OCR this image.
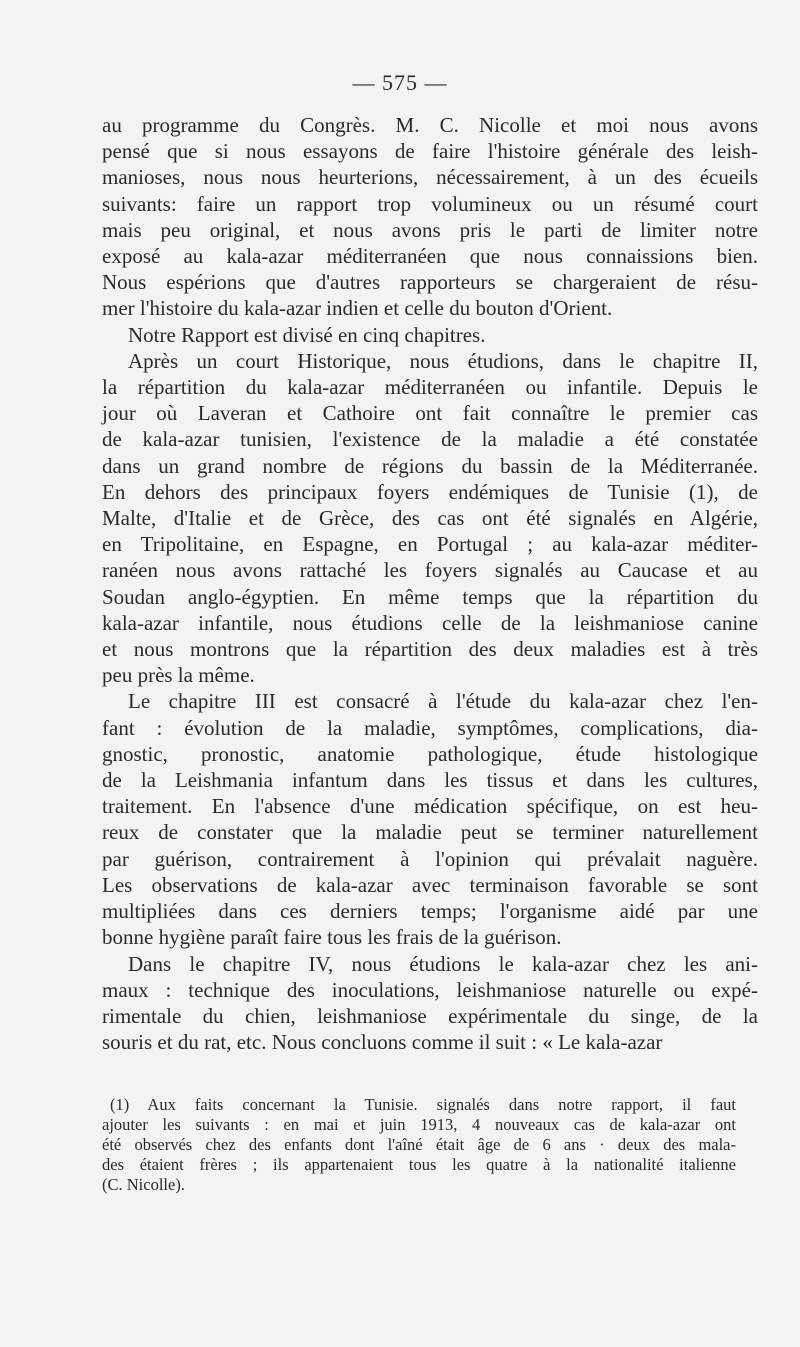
— 575 —
au programme du Congrès. M. C. Nicolle et moi nous avons
pensé que si nous essayons de faire l'histoire générale des leish-
manioses, nous nous heurterions, nécessairement, à un des écueils
suivants: faire un rapport trop volumineux ou un résumé court
mais peu original, et nous avons pris le parti de limiter notre
exposé au kala-azar méditerranéen que nous connaissions bien.
Nous espérions que d'autres rapporteurs se chargeraient de résu-
mer l'histoire du kala-azar indien et celle du bouton d'Orient.
Notre Rapport est divisé en cinq chapitres.
Après un court Historique, nous étudions, dans le chapitre II,
la répartition du kala-azar méditerranéen ou infantile. Depuis le
jour où Laveran et Cathoire ont fait connaître le premier cas
de kala-azar tunisien, l'existence de la maladie a été constatée
dans un grand nombre de régions du bassin de la Méditerranée.
En dehors des principaux foyers endémiques de Tunisie (1), de
Malte, d'Italie et de Grèce, des cas ont été signalés en Algérie,
en Tripolitaine, en Espagne, en Portugal ; au kala-azar méditer-
ranéen nous avons rattaché les foyers signalés au Caucase et au
Soudan anglo-égyptien. En même temps que la répartition du
kala-azar infantile, nous étudions celle de la leishmaniose canine
et nous montrons que la répartition des deux maladies est à très
peu près la même.
Le chapitre III est consacré à l'étude du kala-azar chez l'en-
fant : évolution de la maladie, symptômes, complications, dia-
gnostic, pronostic, anatomie pathologique, étude histologique
de la Leishmania infantum dans les tissus et dans les cultures,
traitement. En l'absence d'une médication spécifique, on est heu-
reux de constater que la maladie peut se terminer naturellement
par guérison, contrairement à l'opinion qui prévalait naguère.
Les observations de kala-azar avec terminaison favorable se sont
multipliées dans ces derniers temps; l'organisme aidé par une
bonne hygiène paraît faire tous les frais de la guérison.
Dans le chapitre IV, nous étudions le kala-azar chez les ani-
maux : technique des inoculations, leishmaniose naturelle ou expé-
rimentale du chien, leishmaniose expérimentale du singe, de la
souris et du rat, etc. Nous concluons comme il suit : « Le kala-azar
(1) Aux faits concernant la Tunisie. signalés dans notre rapport, il faut
ajouter les suivants : en mai et juin 1913, 4 nouveaux cas de kala-azar ont
été observés chez des enfants dont l'aîné était âge de 6 ans · deux des mala-
des étaient frères ; ils appartenaient tous les quatre à la nationalité italienne
(C. Nicolle).
